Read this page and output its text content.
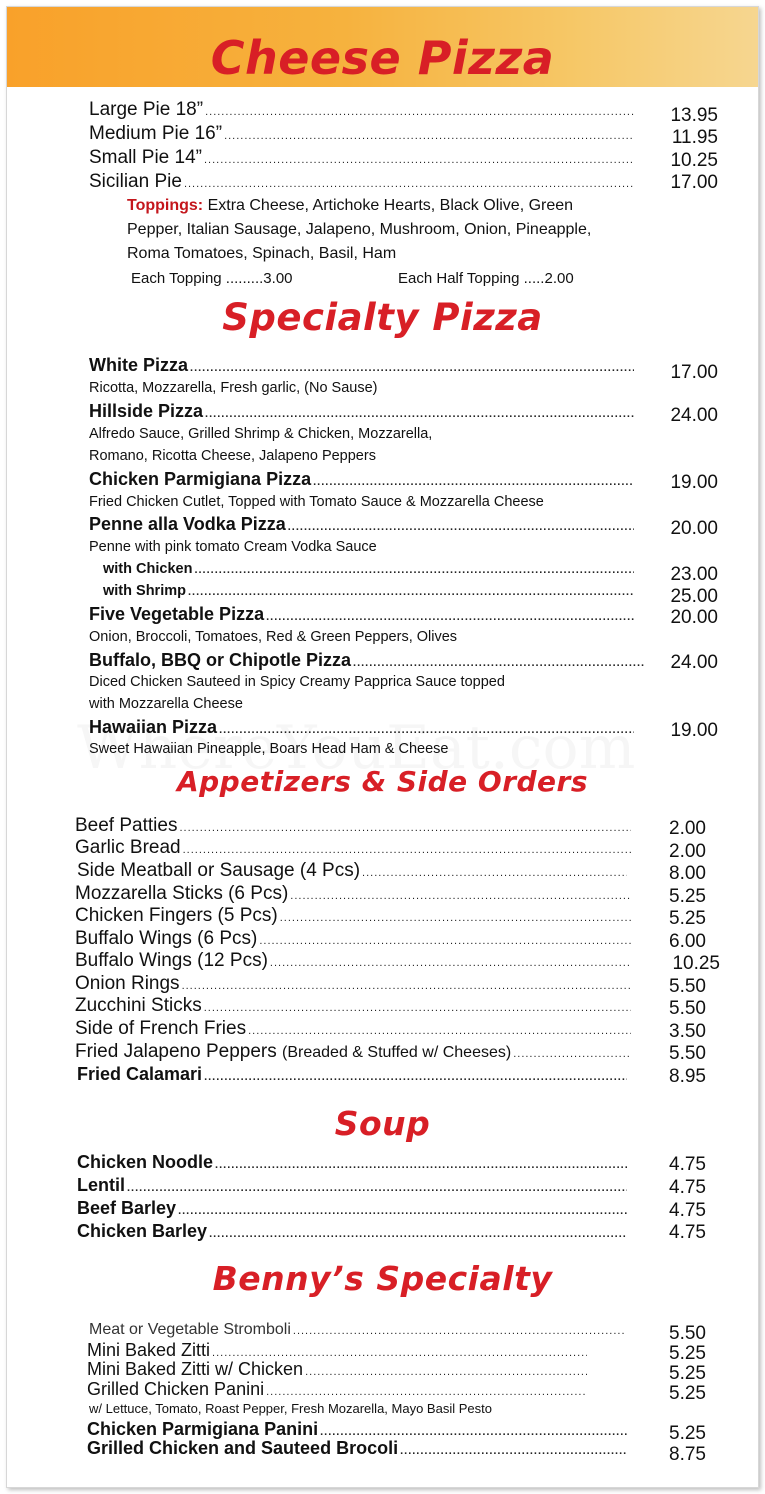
Cheese Pizza
Large Pie 18” .....	13.95
Medium Pie 16” .....	11.95
Small Pie 14” .....	10.25
Sicilian Pie .....	17.00
Toppings: Extra Cheese, Artichoke Hearts, Black Olive, Green
Pepper, Italian Sausage, Jalapeno, Mushroom, Onion, Pineapple,
Roma Tomatoes, Spinach, Basil, Ham
Each Topping .........3.00	Each Half Topping .....2.00
Specialty Pizza
White Pizza .....	17.00
Ricotta, Mozzarella, Fresh garlic, (No Sause)
Hillside Pizza .....	24.00
Alfredo Sauce, Grilled Shrimp & Chicken, Mozzarella,
Romano, Ricotta Cheese, Jalapeno Peppers
Chicken Parmigiana Pizza .....	19.00
Fried Chicken Cutlet, Topped with Tomato Sauce & Mozzarella Cheese
Penne alla Vodka Pizza .....	20.00
Penne with pink tomato Cream Vodka Sauce
with Chicken .....	23.00
with Shrimp .....	25.00
Five Vegetable Pizza .....	20.00
Onion, Broccoli, Tomatoes, Red & Green Peppers, Olives
Buffalo, BBQ or Chipotle Pizza .....	24.00
Diced Chicken Sauteed in Spicy Creamy Papprica Sauce topped
with Mozzarella Cheese
Hawaiian Pizza .....	19.00
Sweet Hawaiian Pineapple, Boars Head Ham & Cheese
Appetizers & Side Orders
Beef Patties .....	2.00
Garlic Bread .....	2.00
Side Meatball or Sausage (4 Pcs) .....	8.00
Mozzarella Sticks (6 Pcs) .....	5.25
Chicken Fingers (5 Pcs) .....	5.25
Buffalo Wings (6 Pcs) .....	6.00
Buffalo Wings (12 Pcs) .....	10.25
Onion Rings .....	5.50
Zucchini Sticks .....	5.50
Side of French Fries .....	3.50
Fried Jalapeno Peppers
(Breaded & Stuffed w/ Cheeses) .....	5.50
Fried Calamari .....	8.95
Soup
Chicken Noodle .....	4.75
Lentil .....	4.75
Beef Barley .....	4.75
Chicken Barley .....	4.75
Benny’s Specialty
Meat or Vegetable Stromboli .....	5.50
Mini Baked Zitti .....	5.25
Mini Baked Zitti w/ Chicken .....	5.25
Grilled Chicken Panini .....	5.25
w/ Lettuce, Tomato, Roast Pepper, Fresh Mozarella, Mayo Basil Pesto
Chicken Parmigiana Panini .....	5.25
Grilled Chicken and Sauteed Brocoli .....	8.75
